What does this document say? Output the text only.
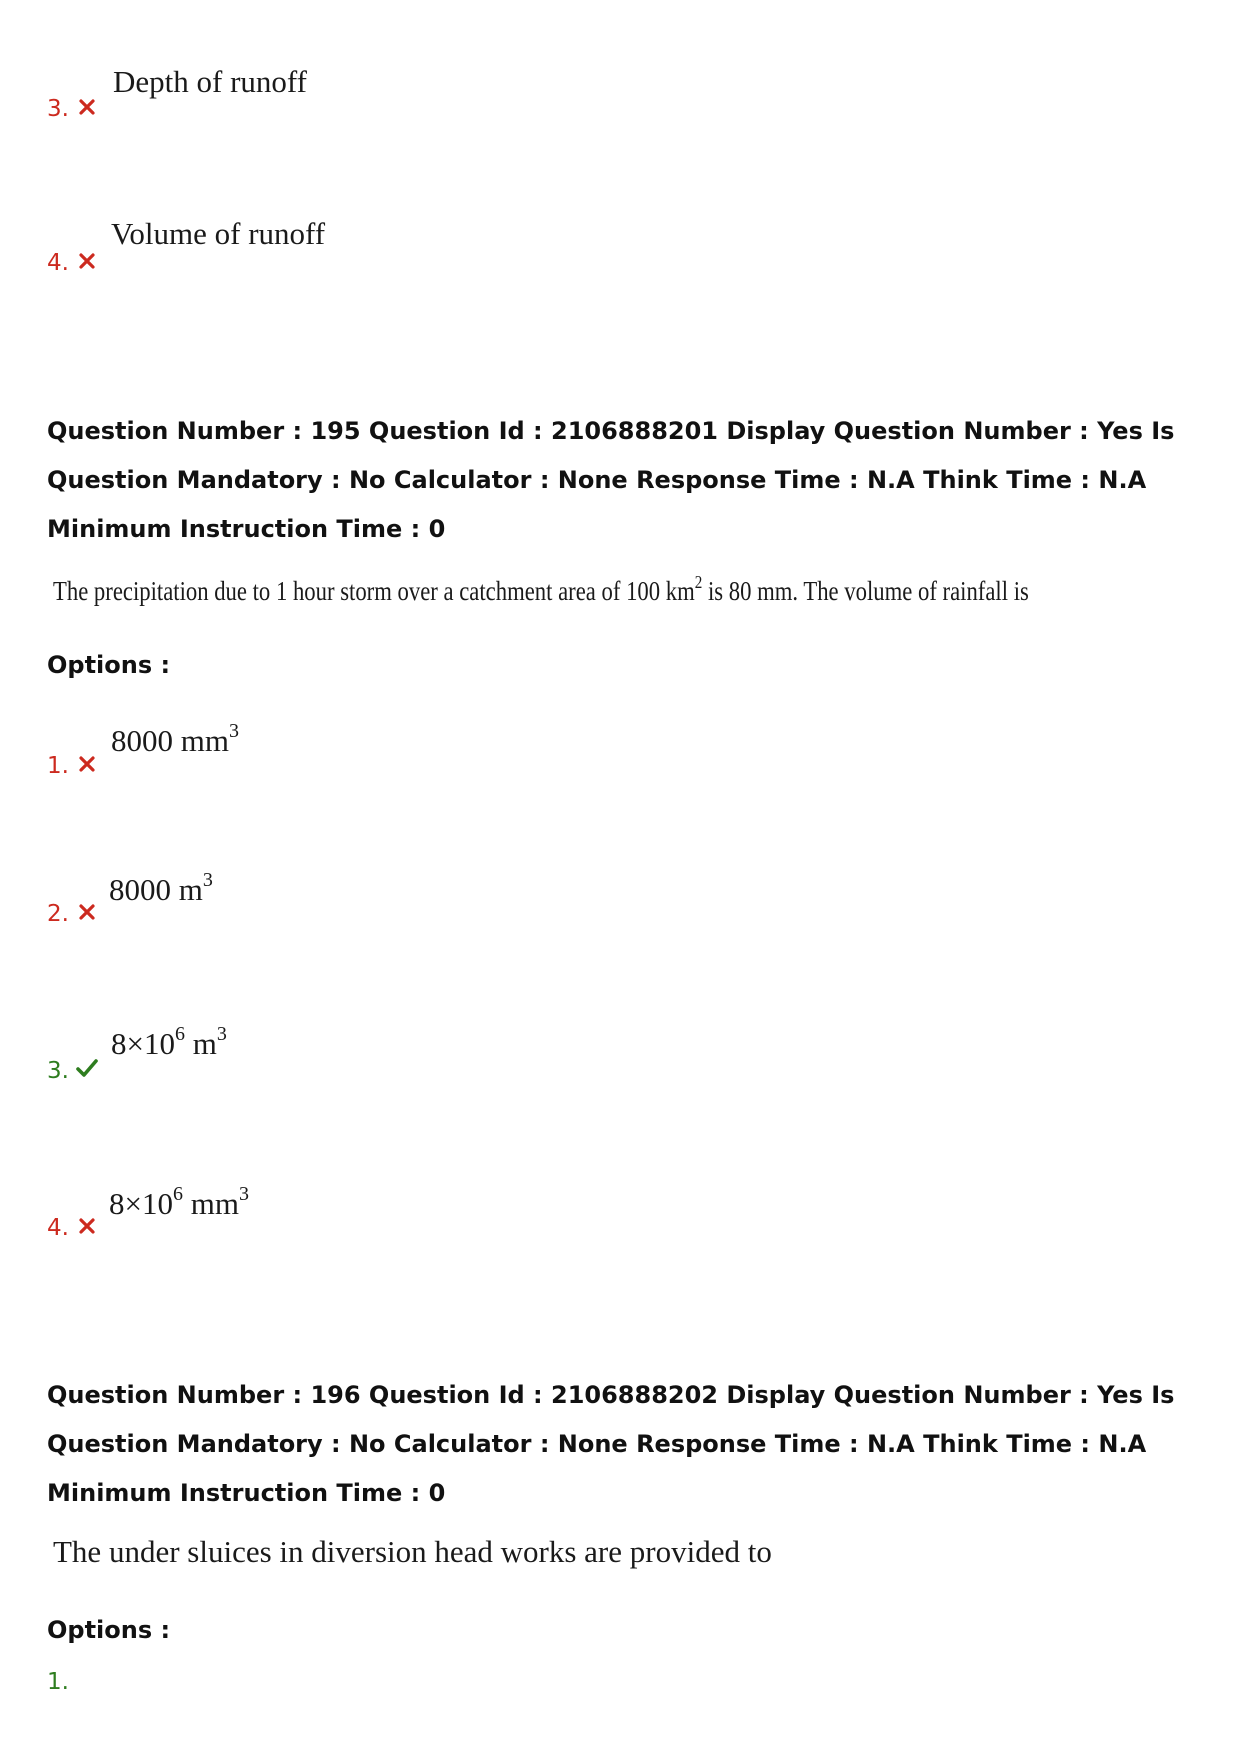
3.
Depth of runoff
4.
Volume of runoff
Question Number : 195 Question Id : 2106888201 Display Question Number : Yes Is Question Mandatory : No Calculator : None Response Time : N.A Think Time : N.A Minimum Instruction Time : 0
The precipitation due to 1 hour storm over a catchment area of 100 $km^2$ is 80 mm. The volume of rainfall is
Options :
1.
8000 $mm^3$
2.
8000 $m^3$
3.
$8\times 10^6$ $m^3$
4.
$8\times 10^6$ $mm^3$
Question Number : 196 Question Id : 2106888202 Display Question Number : Yes Is Question Mandatory : No Calculator : None Response Time : N.A Think Time : N.A Minimum Instruction Time : 0
The under sluices in diversion head works are provided to
Options :
1.
